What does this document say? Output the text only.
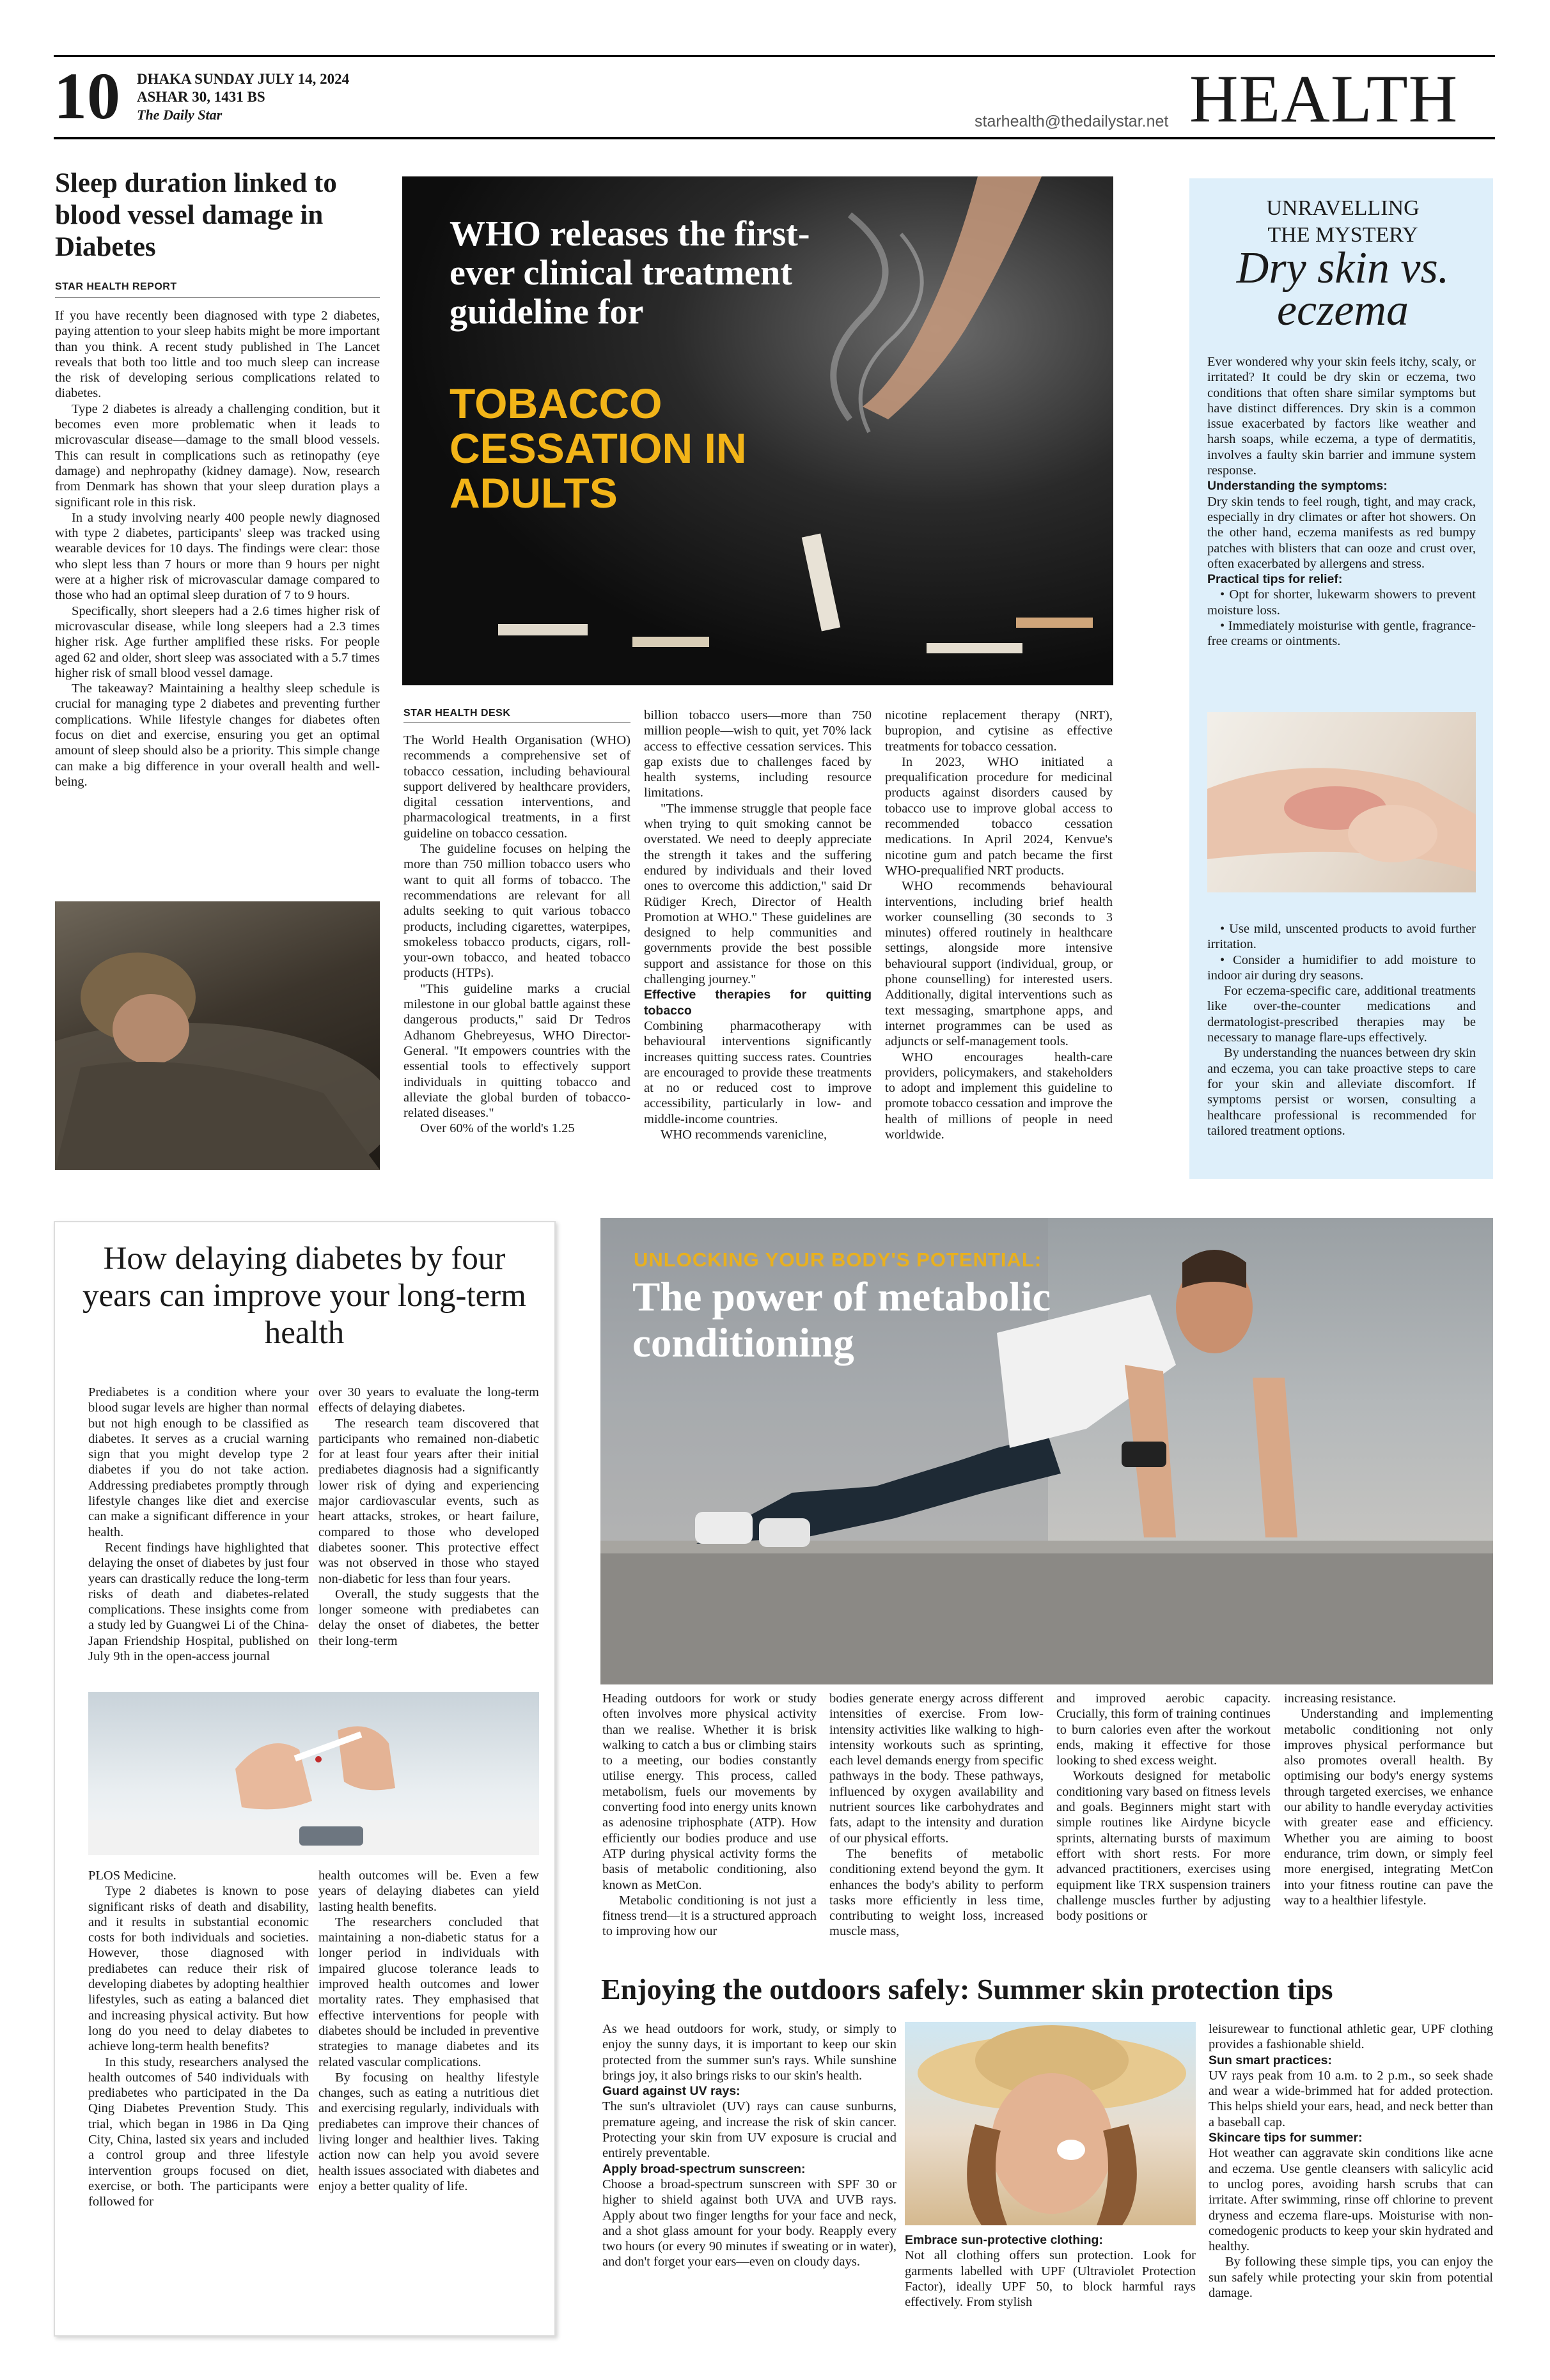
10 DHAKA SUNDAY JULY 14, 2024
ASHAR 30, 1431 BS
The Daily Star	starhealth@thedailystar.net HEALTH
Sleep duration linked to blood vessel damage in Diabetes
STAR HEALTH REPORT

If you have recently been diagnosed with type 2 diabetes, paying attention to your sleep habits might be more important than you think. A recent study published in The Lancet reveals that both too little and too much sleep can increase the risk of developing serious complications related to diabetes.

Type 2 diabetes is already a challenging condition, but it becomes even more problematic when it leads to microvascular disease—damage to the small blood vessels. This can result in complications such as retinopathy (eye damage) and nephropathy (kidney damage). Now, research from Denmark has shown that your sleep duration plays a significant role in this risk.

In a study involving nearly 400 people newly diagnosed with type 2 diabetes, participants' sleep was tracked using wearable devices for 10 days. The findings were clear: those who slept less than 7 hours or more than 9 hours per night were at a higher risk of microvascular damage compared to those who had an optimal sleep duration of 7 to 9 hours.

Specifically, short sleepers had a 2.6 times higher risk of microvascular disease, while long sleepers had a 2.3 times higher risk. Age further amplified these risks. For people aged 62 and older, short sleep was associated with a 5.7 times higher risk of small blood vessel damage.

The takeaway? Maintaining a healthy sleep schedule is crucial for managing type 2 diabetes and preventing further complications. While lifestyle changes for diabetes often focus on diet and exercise, ensuring you get an optimal amount of sleep should also be a priority. This simple change can make a big difference in your overall health and well-being.

WHO releases the first-ever clinical treatment guideline for
TOBACCO CESSATION IN ADULTS
STAR HEALTH DESK

The World Health Organisation (WHO) recommends a comprehensive set of tobacco cessation, including behavioural support delivered by healthcare providers, digital cessation interventions, and pharmacological treatments, in a first guideline on tobacco cessation.

The guideline focuses on helping the more than 750 million tobacco users who want to quit all forms of tobacco. The recommendations are relevant for all adults seeking to quit various tobacco products, including cigarettes, waterpipes, smokeless tobacco products, cigars, roll-your-own tobacco, and heated tobacco products (HTPs).

"This guideline marks a crucial milestone in our global battle against these dangerous products," said Dr Tedros Adhanom Ghebreyesus, WHO Director-General. "It empowers countries with the essential tools to effectively support individuals in quitting tobacco and alleviate the global burden of tobacco-related diseases."

Over 60% of the world's 1.25

billion tobacco users—more than 750 million people—wish to quit, yet 70% lack access to effective cessation services. This gap exists due to challenges faced by health systems, including resource limitations.

"The immense struggle that people face when trying to quit smoking cannot be overstated. We need to deeply appreciate the strength it takes and the suffering endured by individuals and their loved ones to overcome this addiction," said Dr Rüdiger Krech, Director of Health Promotion at WHO." These guidelines are designed to help communities and governments provide the best possible support and assistance for those on this challenging journey."

Effective therapies for quitting tobacco

Combining pharmacotherapy with behavioural interventions significantly increases quitting success rates. Countries are encouraged to provide these treatments at no or reduced cost to improve accessibility, particularly in low- and middle-income countries.

WHO recommends varenicline,

nicotine replacement therapy (NRT), bupropion, and cytisine as effective treatments for tobacco cessation.

In 2023, WHO initiated a prequalification procedure for medicinal products against disorders caused by tobacco use to improve global access to recommended tobacco cessation medications. In April 2024, Kenvue's nicotine gum and patch became the first WHO-prequalified NRT products.

WHO recommends behavioural interventions, including brief health worker counselling (30 seconds to 3 minutes) offered routinely in healthcare settings, alongside more intensive behavioural support (individual, group, or phone counselling) for interested users. Additionally, digital interventions such as text messaging, smartphone apps, and internet programmes can be used as adjuncts or self-management tools.

WHO encourages health-care providers, policymakers, and stakeholders to adopt and implement this guideline to promote tobacco cessation and improve the health of millions of people in need worldwide.

UNRAVELLING THE MYSTERY
Dry skin vs. eczema

Ever wondered why your skin feels itchy, scaly, or irritated? It could be dry skin or eczema, two conditions that often share similar symptoms but have distinct differences. Dry skin is a common issue exacerbated by factors like weather and harsh soaps, while eczema, a type of dermatitis, involves a faulty skin barrier and immune system response.

Understanding the symptoms:

Dry skin tends to feel rough, tight, and may crack, especially in dry climates or after hot showers. On the other hand, eczema manifests as red bumpy patches with blisters that can ooze and crust over, often exacerbated by allergens and stress.

Practical tips for relief:

• Opt for shorter, lukewarm showers to prevent moisture loss.

• Immediately moisturise with gentle, fragrance-free creams or ointments.

• Use mild, unscented products to avoid further irritation.

• Consider a humidifier to add moisture to indoor air during dry seasons.

For eczema-specific care, additional treatments like over-the-counter medications and dermatologist-prescribed therapies may be necessary to manage flare-ups effectively.

By understanding the nuances between dry skin and eczema, you can take proactive steps to care for your skin and alleviate discomfort. If symptoms persist or worsen, consulting a healthcare professional is recommended for tailored treatment options.

How delaying diabetes by four years can improve your long-term health

Prediabetes is a condition where your blood sugar levels are higher than normal but not high enough to be classified as diabetes. It serves as a crucial warning sign that you might develop type 2 diabetes if you do not take action. Addressing prediabetes promptly through lifestyle changes like diet and exercise can make a significant difference in your health.

Recent findings have highlighted that delaying the onset of diabetes by just four years can drastically reduce the long-term risks of death and diabetes-related complications. These insights come from a study led by Guangwei Li of the China-Japan Friendship Hospital, published on July 9th in the open-access journal

over 30 years to evaluate the long-term effects of delaying diabetes.

The research team discovered that participants who remained non-diabetic for at least four years after their initial prediabetes diagnosis had a significantly lower risk of dying and experiencing major cardiovascular events, such as heart attacks, strokes, or heart failure, compared to those who developed diabetes sooner. This protective effect was not observed in those who stayed non-diabetic for less than four years.

Overall, the study suggests that the longer someone with prediabetes can delay the onset of diabetes, the better their long-term

PLOS Medicine.

Type 2 diabetes is known to pose significant risks of death and disability, and it results in substantial economic costs for both individuals and societies. However, those diagnosed with prediabetes can reduce their risk of developing diabetes by adopting healthier lifestyles, such as eating a balanced diet and increasing physical activity. But how long do you need to delay diabetes to achieve long-term health benefits?

In this study, researchers analysed the health outcomes of 540 individuals with prediabetes who participated in the Da Qing Diabetes Prevention Study. This trial, which began in 1986 in Da Qing City, China, lasted six years and included a control group and three lifestyle intervention groups focused on diet, exercise, or both. The participants were followed for

health outcomes will be. Even a few years of delaying diabetes can yield lasting health benefits.

The researchers concluded that maintaining a non-diabetic status for a longer period in individuals with impaired glucose tolerance leads to improved health outcomes and lower mortality rates. They emphasised that effective interventions for people with diabetes should be included in preventive strategies to manage diabetes and its related vascular complications.

By focusing on healthy lifestyle changes, such as eating a nutritious diet and exercising regularly, individuals with prediabetes can improve their chances of living longer and healthier lives. Taking action now can help you avoid severe health issues associated with diabetes and enjoy a better quality of life.

UNLOCKING YOUR BODY'S POTENTIAL:
The power of metabolic conditioning

Heading outdoors for work or study often involves more physical activity than we realise. Whether it is brisk walking to catch a bus or climbing stairs to a meeting, our bodies constantly utilise energy. This process, called metabolism, fuels our movements by converting food into energy units known as adenosine triphosphate (ATP). How efficiently our bodies produce and use ATP during physical activity forms the basis of metabolic conditioning, also known as MetCon.

Metabolic conditioning is not just a fitness trend—it is a structured approach to improving how our

bodies generate energy across different intensities of exercise. From low-intensity activities like walking to high-intensity workouts such as sprinting, each level demands energy from specific pathways in the body. These pathways, influenced by oxygen availability and nutrient sources like carbohydrates and fats, adapt to the intensity and duration of our physical efforts.

The benefits of metabolic conditioning extend beyond the gym. It enhances the body's ability to perform tasks more efficiently in less time, contributing to weight loss, increased muscle mass,

and improved aerobic capacity. Crucially, this form of training continues to burn calories even after the workout ends, making it effective for those looking to shed excess weight.

Workouts designed for metabolic conditioning vary based on fitness levels and goals. Beginners might start with simple routines like Airdyne bicycle sprints, alternating bursts of maximum effort with short rests. For more advanced practitioners, exercises using equipment like TRX suspension trainers challenge muscles further by adjusting body positions or

increasing resistance.

Understanding and implementing metabolic conditioning not only improves physical performance but also promotes overall health. By optimising our body's energy systems through targeted exercises, we enhance our ability to handle everyday activities with greater ease and efficiency. Whether you are aiming to boost endurance, trim down, or simply feel more energised, integrating MetCon into your fitness routine can pave the way to a healthier lifestyle.

Enjoying the outdoors safely: Summer skin protection tips

As we head outdoors for work, study, or simply to enjoy the sunny days, it is important to keep our skin protected from the summer sun's rays. While sunshine brings joy, it also brings risks to our skin's health.

Guard against UV rays:

The sun's ultraviolet (UV) rays can cause sunburns, premature ageing, and increase the risk of skin cancer. Protecting your skin from UV exposure is crucial and entirely preventable.

Apply broad-spectrum sunscreen:

Choose a broad-spectrum sunscreen with SPF 30 or higher to shield against both UVA and UVB rays. Apply about two finger lengths for your face and neck, and a shot glass amount for your body. Reapply every two hours (or every 90 minutes if sweating or in water), and don't forget your ears—even on cloudy days.

Embrace sun-protective clothing:

Not all clothing offers sun protection. Look for garments labelled with UPF (Ultraviolet Protection Factor), ideally UPF 50, to block harmful rays effectively. From stylish

leisurewear to functional athletic gear, UPF clothing provides a fashionable shield.

Sun smart practices:

UV rays peak from 10 a.m. to 2 p.m., so seek shade and wear a wide-brimmed hat for added protection. This helps shield your ears, head, and neck better than a baseball cap.

Skincare tips for summer:

Hot weather can aggravate skin conditions like acne and eczema. Use gentle cleansers with salicylic acid to unclog pores, avoiding harsh scrubs that can irritate. After swimming, rinse off chlorine to prevent dryness and eczema flare-ups. Moisturise with non-comedogenic products to keep your skin hydrated and healthy.

By following these simple tips, you can enjoy the sun safely while protecting your skin from potential damage.
